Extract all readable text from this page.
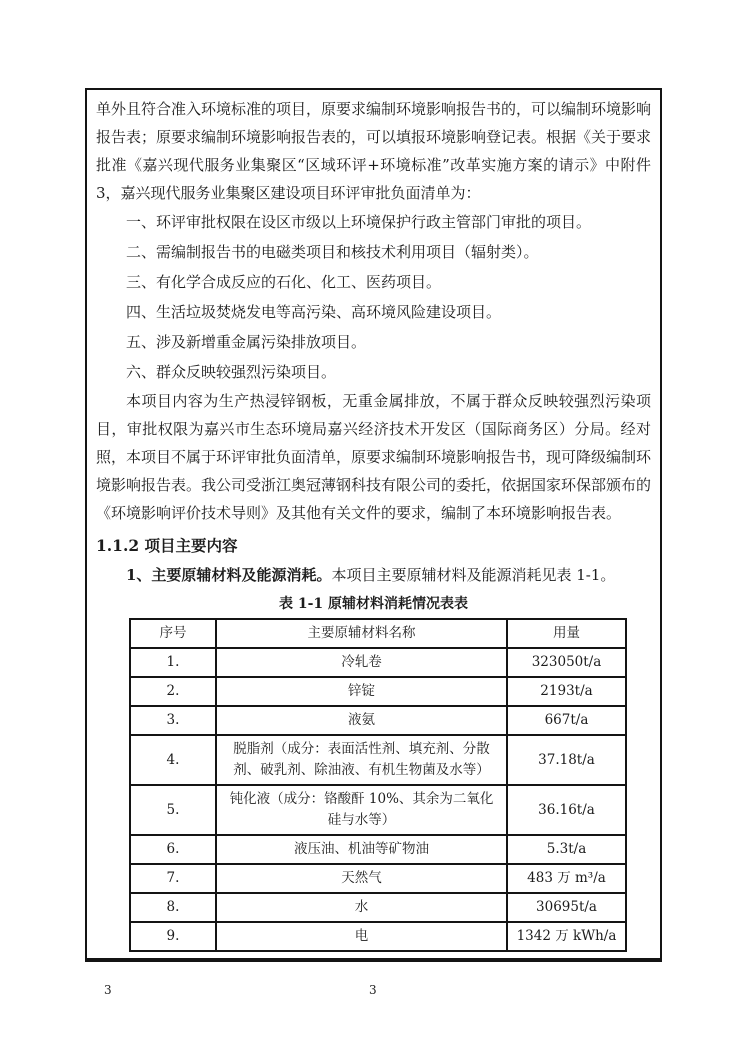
单外且符合准入环境标准的项目，原要求编制环境影响报告书的，可以编制环境影响报告表；原要求编制环境影响报告表的，可以填报环境影响登记表。根据《关于要求批准《嘉兴现代服务业集聚区“区域环评+环境标准”改革实施方案的请示》中附件 3，嘉兴现代服务业集聚区建设项目环评审批负面清单为：

一、环评审批权限在设区市级以上环境保护行政主管部门审批的项目。
二、需编制报告书的电磁类项目和核技术利用项目（辐射类）。
三、有化学合成反应的石化、化工、医药项目。
四、生活垃圾焚烧发电等高污染、高环境风险建设项目。
五、涉及新增重金属污染排放项目。
六、群众反映较强烈污染项目。

本项目内容为生产热浸锌钢板，无重金属排放，不属于群众反映较强烈污染项目，审批权限为嘉兴市生态环境局嘉兴经济技术开发区（国际商务区）分局。经对照，本项目不属于环评审批负面清单，原要求编制环境影响报告书，现可降级编制环境影响报告表。我公司受浙江奥冠薄钢科技有限公司的委托，依据国家环保部颁布的《环境影响评价技术导则》及其他有关文件的要求，编制了本环境影响报告表。

1.1.2 项目主要内容

1、主要原辅材料及能源消耗。本项目主要原辅材料及能源消耗见表 1-1。

表 1-1 原辅材料消耗情况表表
序号	主要原辅材料名称	用量
1.	冷轧卷	323050t/a
2.	锌锭	2193t/a
3.	液氨	667t/a
4.	脱脂剂（成分：表面活性剂、填充剂、分散剂、破乳剂、除油液、有机生物菌及水等）	37.18t/a
5.	钝化液（成分：铬酸酐 10%、其余为二氧化硅与水等）	36.16t/a
6.	液压油、机油等矿物油	5.3t/a
7.	天然气	483 万 m³/a
8.	水	30695t/a
9.	电	1342 万 kWh/a
3	3
